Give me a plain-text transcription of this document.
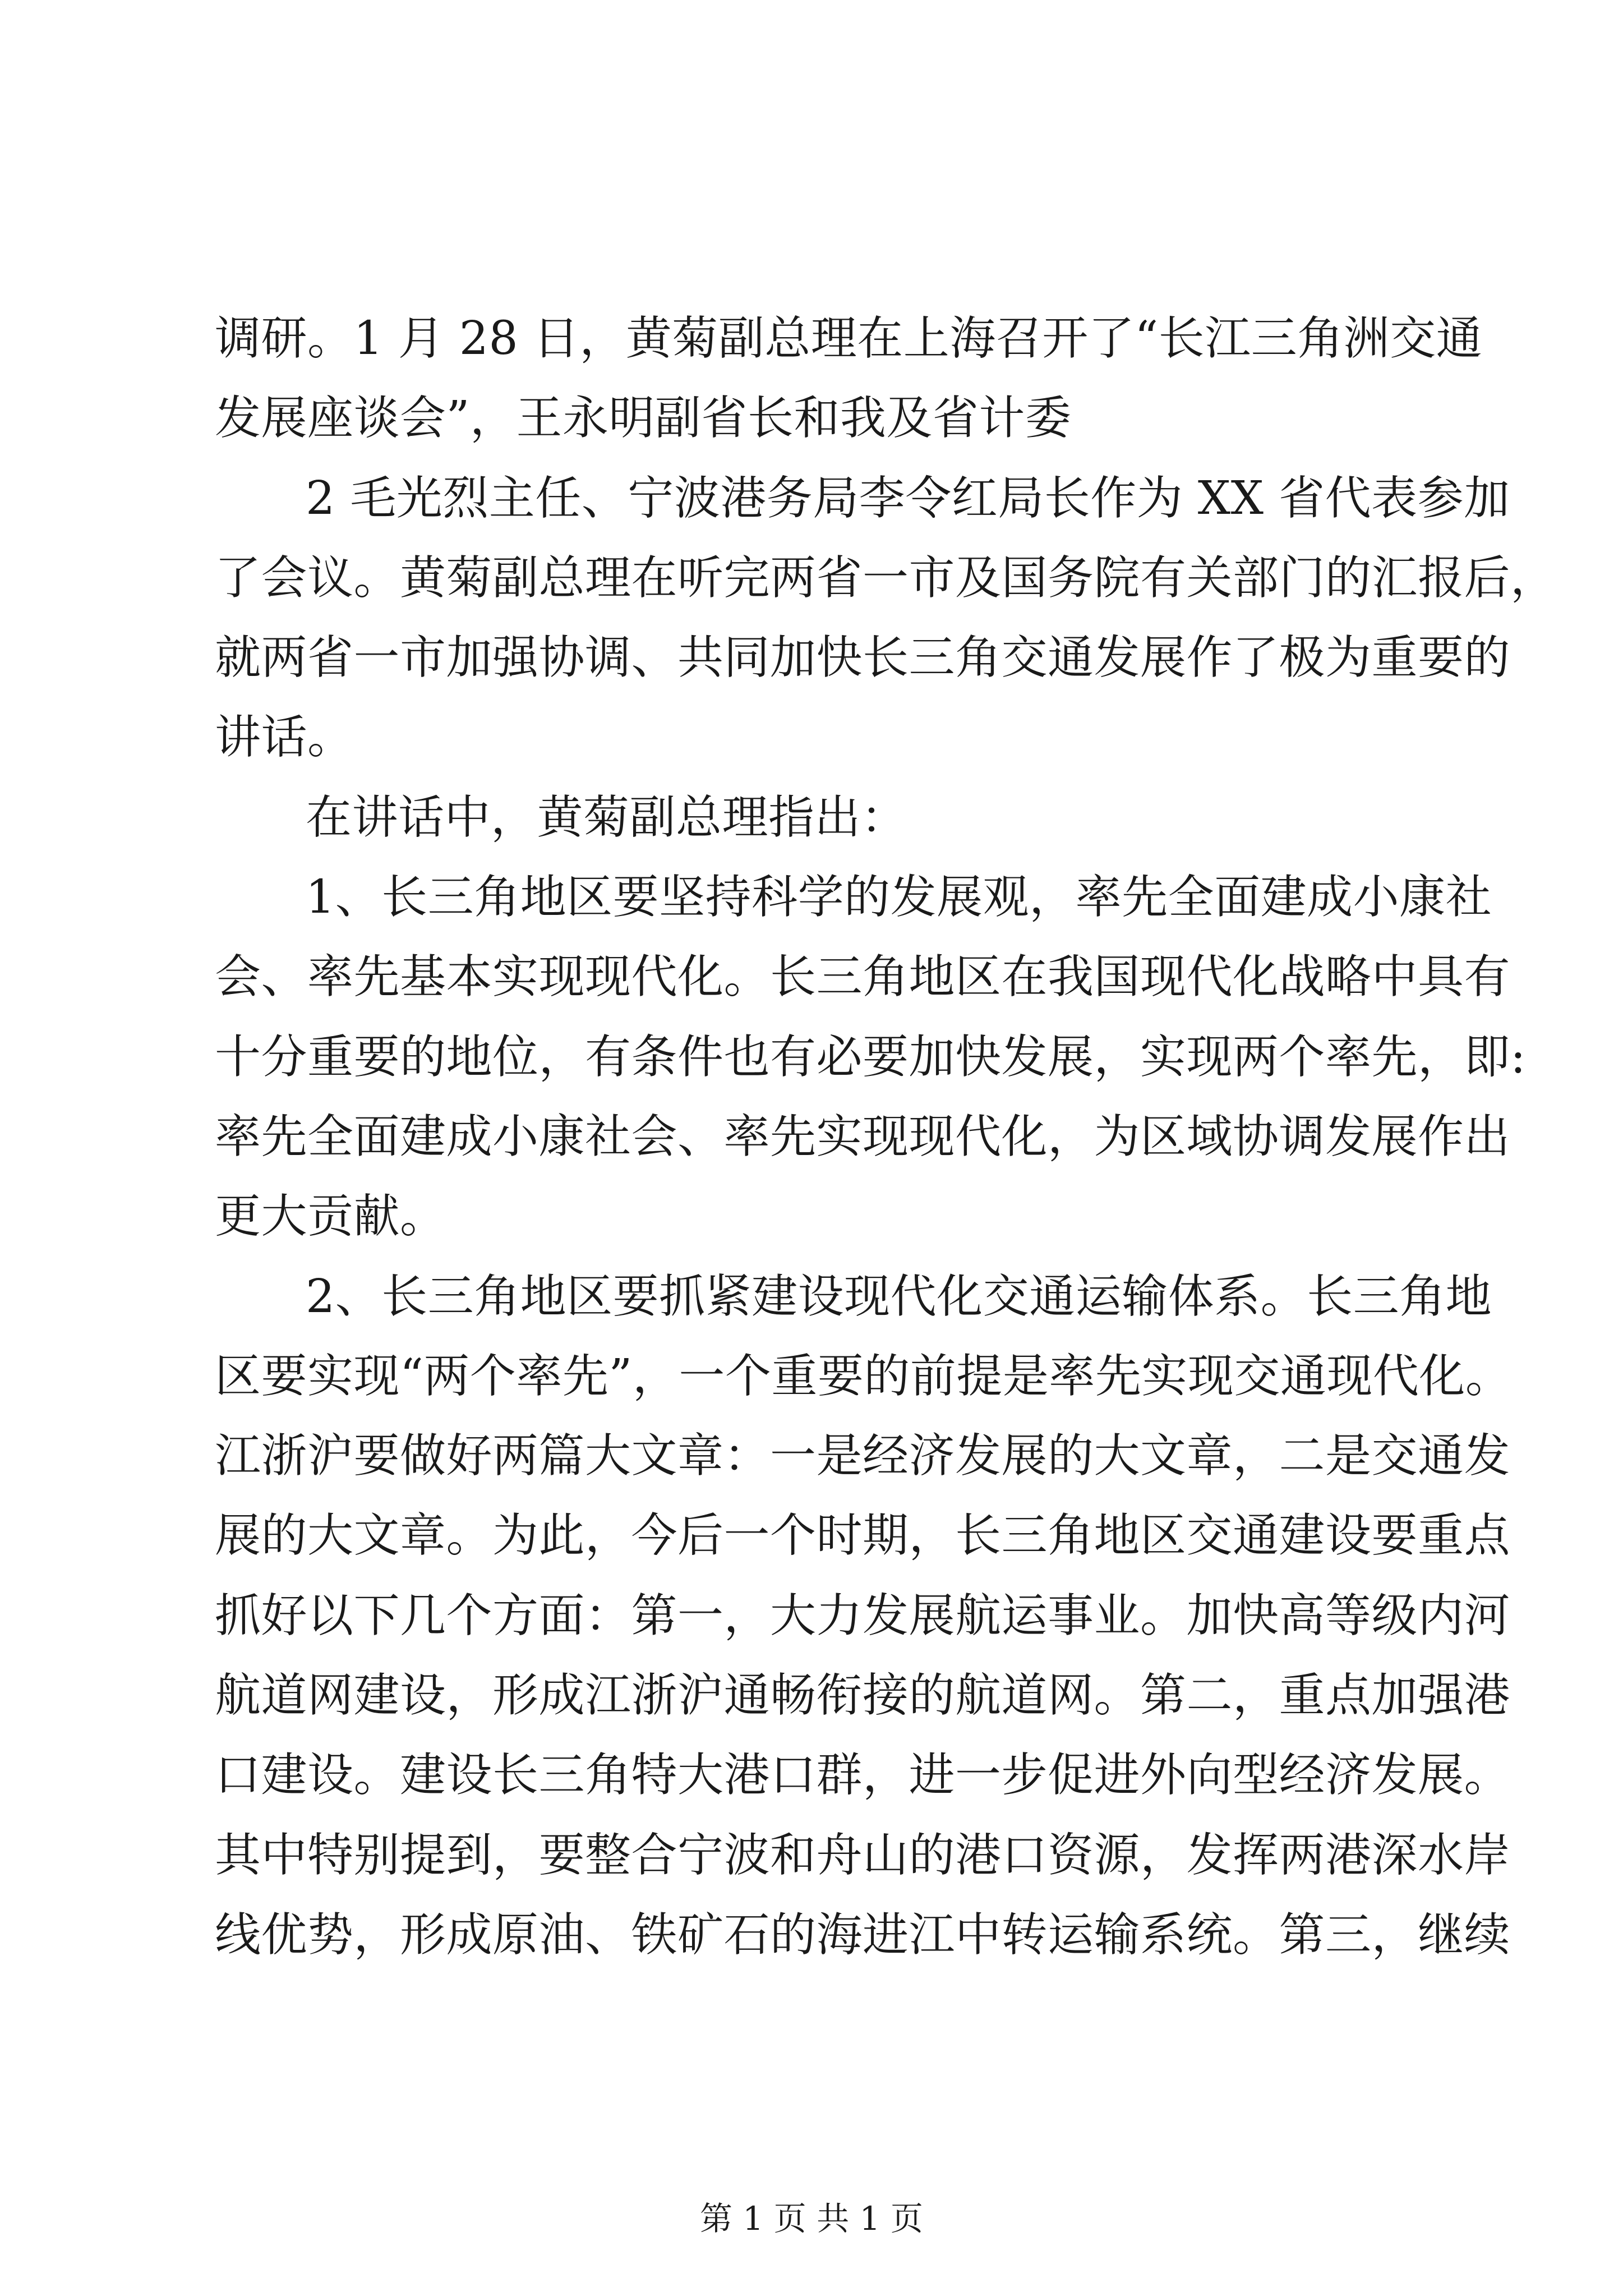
调研。1 月 28 日，黄菊副总理在上海召开了“长江三角洲交通
发展座谈会”，王永明副省长和我及省计委
2 毛光烈主任、宁波港务局李令红局长作为 XX 省代表参加
了会议。黄菊副总理在听完两省一市及国务院有关部门的汇报后，
就两省一市加强协调、共同加快长三角交通发展作了极为重要的
讲话。
在讲话中，黄菊副总理指出：
1、长三角地区要坚持科学的发展观，率先全面建成小康社
会、率先基本实现现代化。长三角地区在我国现代化战略中具有
十分重要的地位，有条件也有必要加快发展，实现两个率先，即:
率先全面建成小康社会、率先实现现代化，为区域协调发展作出
更大贡献。
2、长三角地区要抓紧建设现代化交通运输体系。长三角地
区要实现“两个率先”，一个重要的前提是率先实现交通现代化。
江浙沪要做好两篇大文章：一是经济发展的大文章，二是交通发
展的大文章。为此，今后一个时期，长三角地区交通建设要重点
抓好以下几个方面：第一，大力发展航运事业。加快高等级内河
航道网建设，形成江浙沪通畅衔接的航道网。第二，重点加强港
口建设。建设长三角特大港口群，进一步促进外向型经济发展。
其中特别提到，要整合宁波和舟山的港口资源，发挥两港深水岸
线优势，形成原油、铁矿石的海进江中转运输系统。第三，继续
第 1 页 共 1 页
